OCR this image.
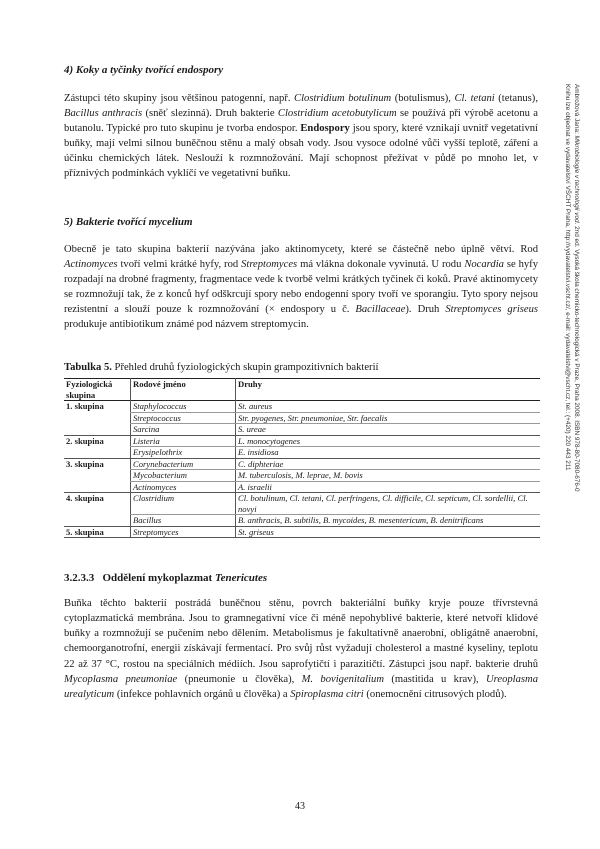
4) Koky a tyčinky tvořící endospory

Zástupci této skupiny jsou většinou patogenní, např. Clostridium botulinum (botulismus), Cl. tetani (tetanus), Bacillus anthracis (sněť slezinná). Druh bakterie Clostridium acetobutylicum se používá při výrobě acetonu a butanolu. Typické pro tuto skupinu je tvorba endospor. Endospory jsou spory, které vznikají uvnitř vegetativní buňky, mají velmi silnou buněčnou stěnu a malý obsah vody. Jsou vysoce odolné vůči vyšší teplotě, záření a účinku chemických látek. Neslouží k rozmnožování. Mají schopnost přežívat v půdě po mnoho let, v příznivých podmínkách vyklíčí ve vegetativní buňku.

5) Bakterie tvořící mycelium

Obecně je tato skupina bakterií nazývána jako aktinomycety, které se částečně nebo úplně větví. Rod Actinomyces tvoří velmi krátké hyfy, rod Streptomyces má vlákna dokonale vyvinutá. U rodu Nocardia se hyfy rozpadají na drobné fragmenty, fragmentace vede k tvorbě velmi krátkých tyčinek či koků. Pravé aktinomycety se rozmnožují tak, že z konců hyf odškrcují spory nebo endogenní spory tvoří ve sporangiu. Tyto spory nejsou rezistentní a slouží pouze k rozmnožování (× endospory u č. Bacillaceae). Druh Streptomyces griseus produkuje antibiotikum známé pod názvem streptomycin.

Tabulka 5. Přehled druhů fyziologických skupin grampozitivních bakterií

Fyziologická skupina	Rodové jméno	Druhy
1. skupina	Staphylococcus	St. aureus
	Streptococcus	Str. pyogenes, Str. pneumoniae, Str. faecalis
	Sarcina	S. ureae
2. skupina	Listeria	L. monocytogenes
	Erysipelothrix	E. insidiosa
3. skupina	Corynebacterium	C. diphteriae
	Mycobacterium	M. tuberculosis, M. leprae, M. bovis
	Actinomyces	A. israelii
4. skupina	Clostridium	Cl. botulinum, Cl. tetani, Cl. perfringens, Cl. difficile, Cl. septicum, Cl. sordellii, Cl. novyi
	Bacillus	B. anthracis, B. subtilis, B. mycoides, B. mesentericum, B. denitrificans
5. skupina	Streptomyces	St. griseus

3.2.3.3 Oddělení mykoplazmat Tenericutes

Buňka těchto bakterií postrádá buněčnou stěnu, povrch bakteriální buňky kryje pouze třívrstevná cytoplazmatická membrána. Jsou to gramnegativní více či méně nepohyblivé bakterie, které netvoří klidové buňky a rozmnožují se pučením nebo dělením. Metabolismus je fakultativně anaerobní, obligátně anaerobní, chemoorganotrofní, energii získávají fermentací. Pro svůj růst vyžadují cholesterol a mastné kyseliny, teplotu 22 až 37 °C, rostou na speciálních médiích. Jsou saprofytičtí i parazitičtí. Zástupci jsou např. bakterie druhů Mycoplasma pneumoniae (pneumonie u člověka), M. bovigenitalium (mastitida u krav), Ureoplasma urealyticum (infekce pohlavních orgánů u člověka) a Spiroplasma citri (onemocnění citrusových plodů).

43
Ambrožová Jana: Mikrobiologie v technologii vod. 2nd ed. Vysoká škola chemicko-technologická v Praze, Praha 2008. ISBN 978-80-7080-676-0
Knihu lze objednat ve vydavatelství VŠCHT Praha, http://vydavatelstvi.vscht.cz/, e-mail: vydavatelstvi@vscht.cz, tel.: (+420) 220 443 211
